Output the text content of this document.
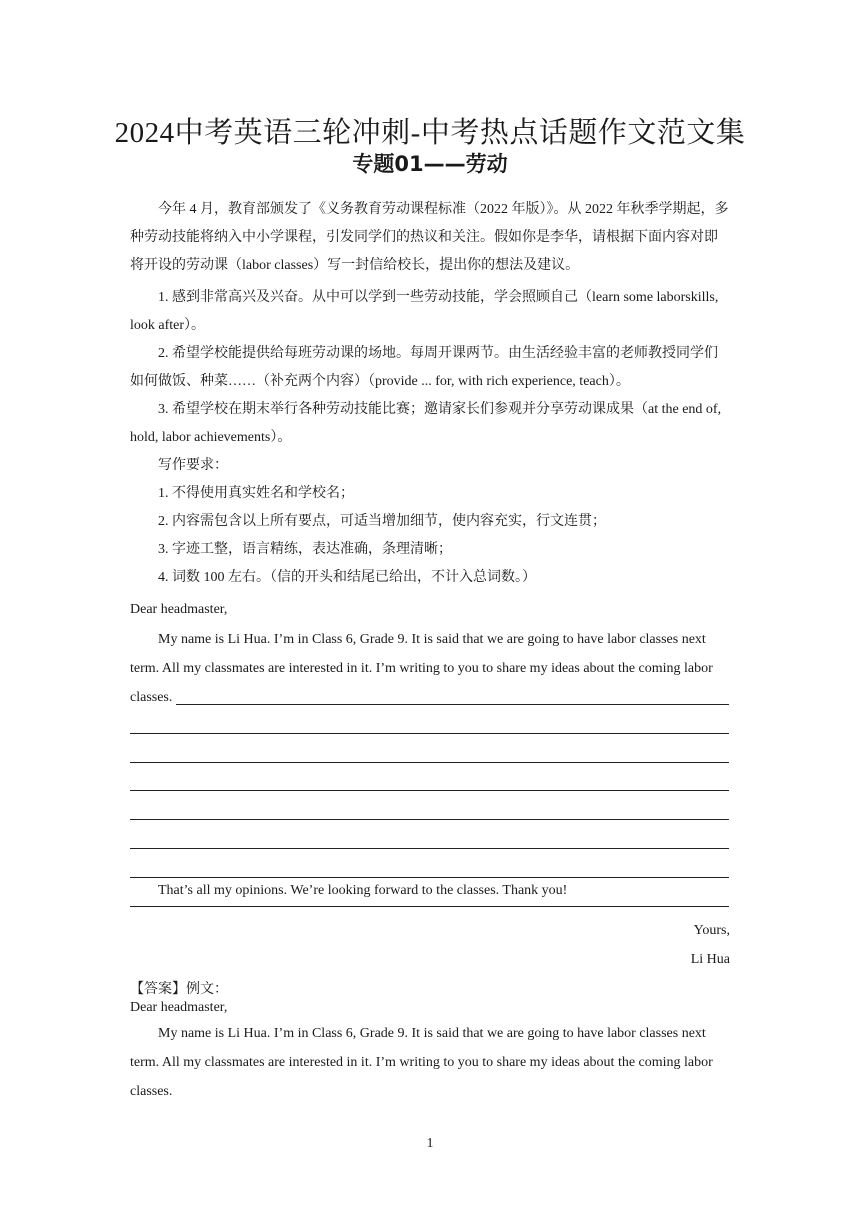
2024中考英语三轮冲刺-中考热点话题作文范文集
专题01——劳动

今年 4 月，教育部颁发了《义务教育劳动课程标准（2022 年版）》。从 2022 年秋季学期起，多种劳动技能将纳入中小学课程，引发同学们的热议和关注。假如你是李华，请根据下面内容对即将开设的劳动课（labor classes）写一封信给校长，提出你的想法及建议。

1. 感到非常高兴及兴奋。从中可以学到一些劳动技能，学会照顾自己（learn some laborskills, look after）。

2. 希望学校能提供给每班劳动课的场地。每周开课两节。由生活经验丰富的老师教授同学们如何做饭、种菜……（补充两个内容）（provide ... for, with rich experience, teach）。

3. 希望学校在期末举行各种劳动技能比赛；邀请家长们参观并分享劳动课成果（at the end of, hold, labor achievements）。

写作要求：

1. 不得使用真实姓名和学校名；

2. 内容需包含以上所有要点，可适当增加细节，使内容充实，行文连贯；

3. 字迹工整，语言精练，表达准确，条理清晰；

4. 词数 100 左右。（信的开头和结尾已给出，不计入总词数。）

Dear headmaster,

My name is Li Hua. I’m in Class 6, Grade 9. It is said that we are going to have labor classes next term. All my classmates are interested in it. I’m writing to you to share my ideas about the coming labor classes.

That’s all my opinions. We’re looking forward to the classes. Thank you!

Yours,
Li Hua

【答案】例文：

Dear headmaster,

My name is Li Hua. I’m in Class 6, Grade 9. It is said that we are going to have labor classes next term. All my classmates are interested in it. I’m writing to you to share my ideas about the coming labor classes.

1
